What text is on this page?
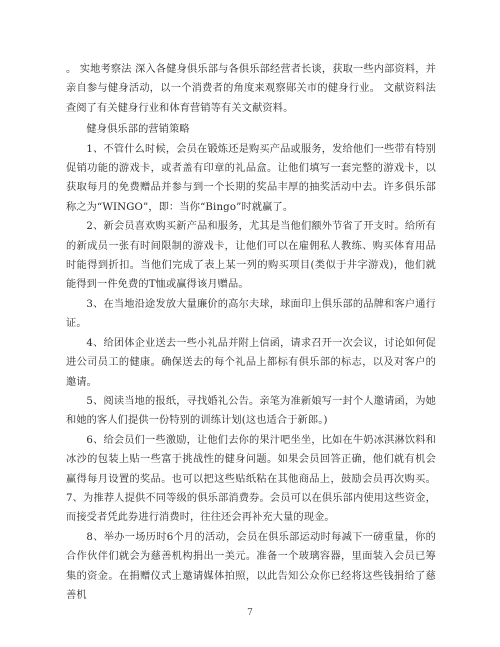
。 实地考察法 深入各健身俱乐部与各俱乐部经营者长谈，获取一些内部资料，并亲自参与健身活动，以一个消费者的角度来观察郧关市的健身行业。 文献资料法 查阅了有关健身行业和体育营销等有关文献资料。

健身俱乐部的营销策略

1、不管什么时候，会员在锻炼还是购买产品或服务，发给他们一些带有特别促销功能的游戏卡，或者盖有印章的礼品盒。让他们填写一套完整的游戏卡，以获取每月的免费赠品并参与到一个长期的奖品丰厚的抽奖活动中去。许多俱乐部称之为“WINGO”，即：当你“Bingo”时就赢了。

2、新会员喜欢购买新产品和服务，尤其是当他们额外节省了开支时。给所有的新成员一张有时间限制的游戏卡，让他们可以在雇佣私人教练、购买体育用品时能得到折扣。当他们完成了表上某一列的购买项目(类似于井字游戏)，他们就能得到一件免费的T恤或赢得该月赠品。

3、在当地沿途发放大量廉价的高尔夫球，球面印上俱乐部的品牌和客户通行证。

4、给团体企业送去一些小礼品并附上信函，请求召开一次会议，讨论如何促进公司员工的健康。确保送去的每个礼品上都标有俱乐部的标志，以及对客户的邀请。

5、阅读当地的报纸，寻找婚礼公告。亲笔为准新娘写一封个人邀请函，为她和她的客人们提供一份特别的训练计划(这也适合于新郎。)

6、给会员们一些激励，让他们去你的果汁吧坐坐，比如在牛奶冰淇淋饮料和冰沙的包装上贴一些富于挑战性的健身问题。如果会员回答正确，他们就有机会赢得每月设置的奖品。也可以把这些贴纸粘在其他商品上，鼓励会员再次购买。 7、为推荐人提供不同等级的俱乐部消费券。会员可以在俱乐部内使用这些资金，而接受者凭此券进行消费时，往往还会再补充大量的现金。

8、举办一场历时6个月的活动，会员在俱乐部运动时每减下一磅重量，你的合作伙伴们就会为慈善机构捐出一美元。准备一个玻璃容器，里面装入会员已筹集的资金。在捐赠仪式上邀请媒体拍照，以此告知公众你已经将这些钱捐给了慈善机

7
